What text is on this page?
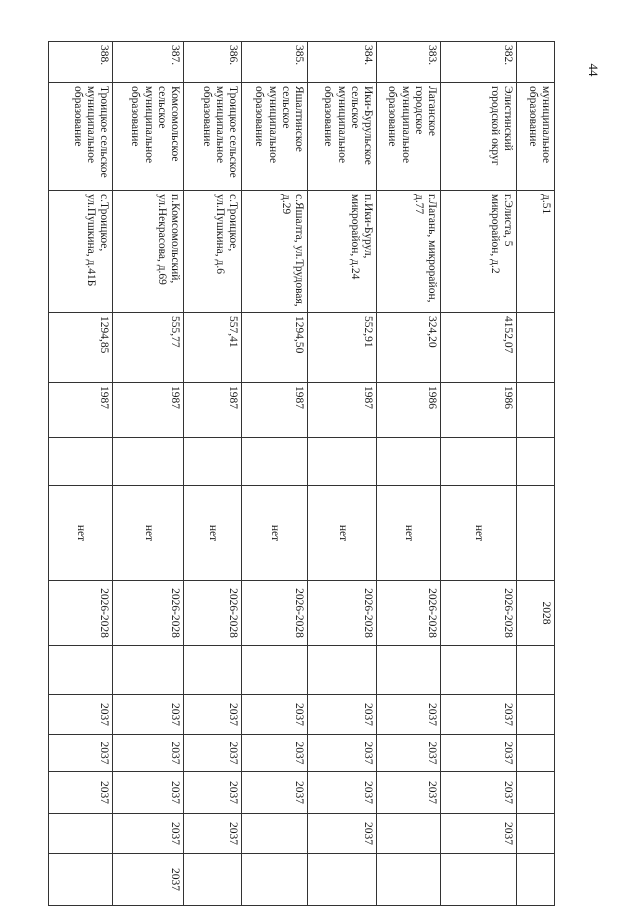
44
	муниципальное образование	д.51					2028						
382.	Элистинский городской округ	г.Элиста, 5 микрорайон, д.2	4152,07	1986		нет	2026-2028		2037	2037	2037	2037	
383.	Лаганское городское муниципальное образование	г.Лагань, микрорайон, д.77	324,20	1986		нет	2026-2028		2037	2037	2037		
384.	Ики-Бурульское сельское муниципальное образование	п.Ики-Бурул, микрорайон, д.24	552,91	1987		нет	2026-2028		2037	2037	2037	2037	
385.	Яшалтинское сельское муниципальное образование	с.Яшалта, ул.Трудовая, д.29	1294,50	1987		нет	2026-2028		2037	2037	2037		
386.	Троицкое сельское муниципальное образование	с.Троицкое, ул.Пушкина, д.6	557,41	1987		нет	2026-2028		2037	2037	2037	2037	
387.	Комсомольское сельское муниципальное образование	п.Комсомольский, ул.Некрасова, д.69	555,77	1987		нет	2026-2028		2037	2037	2037	2037	2037
388.	Троицкое сельское муниципальное образование	с.Троицкое, ул.Пушкина, д.41Б	1294,85	1987		нет	2026-2028		2037	2037	2037		
